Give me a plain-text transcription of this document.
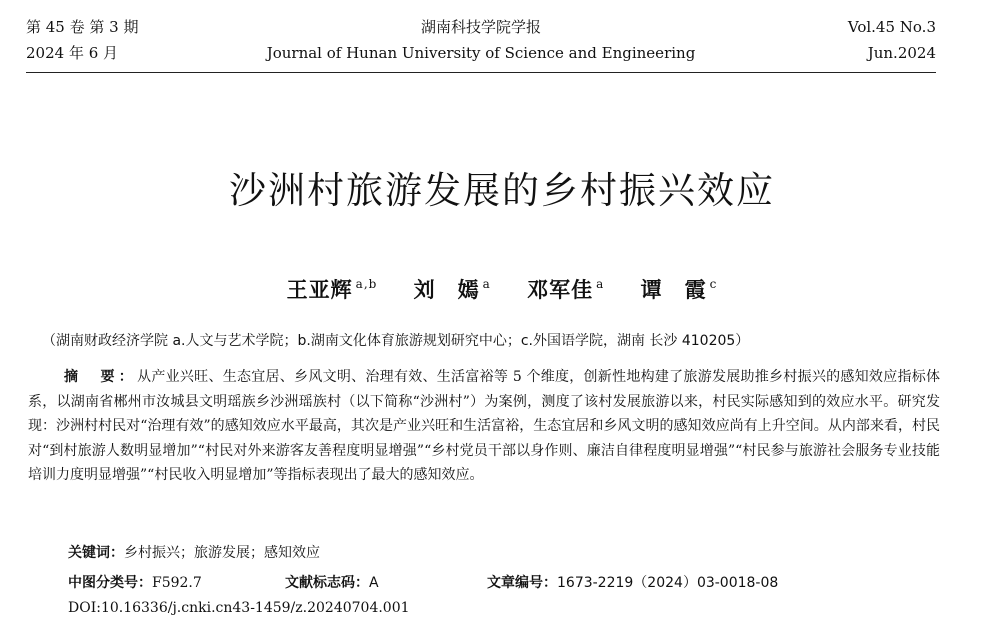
第 45 卷 第 3 期	湖南科技学院学报	Vol.45 No.3
2024 年 6 月	Journal of Hunan University of Science and Engineering	Jun.2024
沙洲村旅游发展的乡村振兴效应
王亚辉 $^{a,b}$ 刘　嫣 $^a$ 邓军佳 $^a$ 谭　霞 $^c$
（湖南财政经济学院 a.人文与艺术学院；b.湖南文化体育旅游规划研究中心；c.外国语学院，湖南 长沙 410205）

摘　要：从产业兴旺、生态宜居、乡风文明、治理有效、生活富裕等 5 个维度，创新性地构建了旅游发展助推乡村振兴的感知效应指标体系，以湖南省郴州市汝城县文明瑶族乡沙洲瑶族村（以下简称“沙洲村”）为案例，测度了该村发展旅游以来，村民实际感知到的效应水平。研究发现：沙洲村村民对“治理有效”的感知效应水平最高，其次是产业兴旺和生活富裕，生态宜居和乡风文明的感知效应尚有上升空间。从内部来看，村民对“到村旅游人数明显增加”“村民对外来游客友善程度明显增强”“乡村党员干部以身作则、廉洁自律程度明显增强”“村民参与旅游社会服务专业技能培训力度明显增强”“村民收入明显增加”等指标表现出了最大的感知效应。

关键词：乡村振兴；旅游发展；感知效应
中图分类号：F592.7	文献标志码：A	文章编号：1673-2219（2024）03-0018-08
DOI:10.16336/j.cnki.cn43-1459/z.20240704.001
